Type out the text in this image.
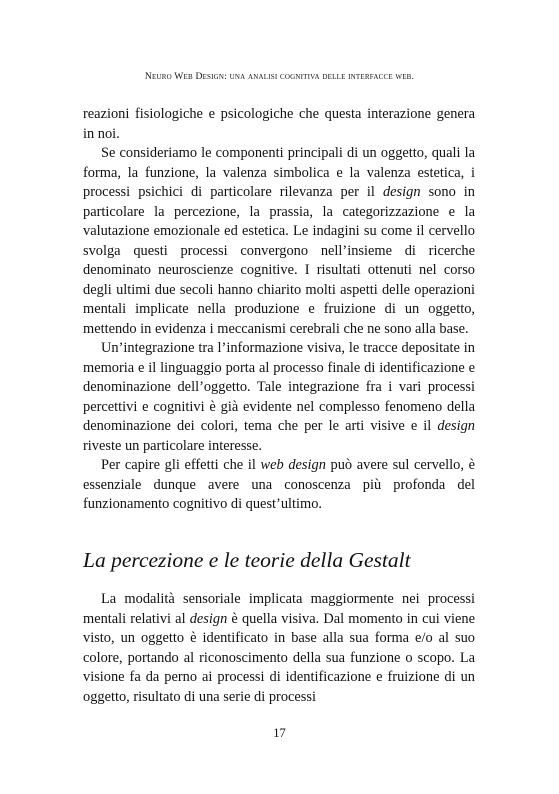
Neuro Web Design: una analisi cognitiva delle interfacce web.

reazioni fisiologiche e psicologiche che questa interazione genera in noi.

Se consideriamo le componenti principali di un oggetto, quali la forma, la funzione, la valenza simbolica e la valenza estetica, i processi psichici di particolare rilevanza per il design sono in particolare la percezione, la prassia, la categorizzazione e la valutazione emozionale ed estetica. Le indagini su come il cervello svolga questi processi convergono nell’insieme di ricerche denominato neuroscienze cognitive. I risultati ottenuti nel corso degli ultimi due secoli hanno chiarito molti aspetti delle operazioni mentali implicate nella produzione e fruizione di un oggetto, mettendo in evidenza i meccanismi cerebrali che ne sono alla base.

Un’integrazione tra l’informazione visiva, le tracce depositate in memoria e il linguaggio porta al processo finale di identificazione e denominazione dell’oggetto. Tale integrazione fra i vari processi percettivi e cognitivi è già evidente nel complesso fenomeno della denominazione dei colori, tema che per le arti visive e il design riveste un particolare interesse.

Per capire gli effetti che il web design può avere sul cervello, è essenziale dunque avere una conoscenza più profonda del funzionamento cognitivo di quest’ultimo.

La percezione e le teorie della Gestalt

La modalità sensoriale implicata maggiormente nei processi mentali relativi al design è quella visiva. Dal momento in cui viene visto, un oggetto è identificato in base alla sua forma e/o al suo colore, portando al riconoscimento della sua funzione o scopo. La visione fa da perno ai processi di identificazione e fruizione di un oggetto, risultato di una serie di processi

17
